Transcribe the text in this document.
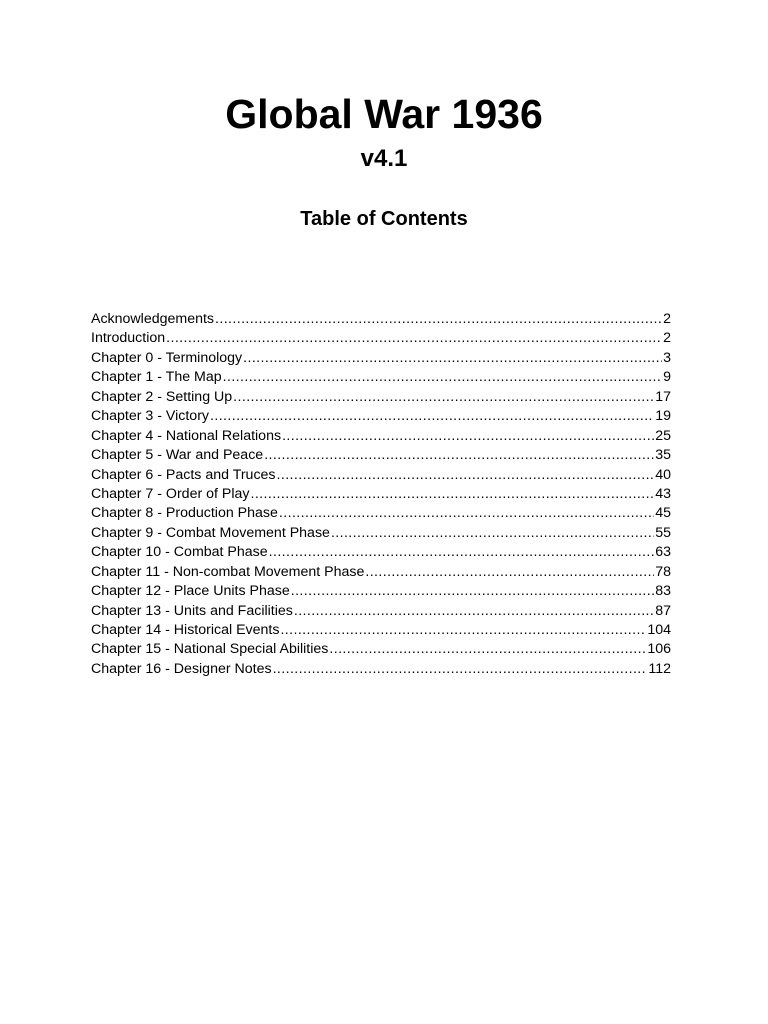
Global War 1936
v4.1
Table of Contents
Acknowledgements .....	2
Introduction .....	2
Chapter 0 - Terminology .....	3
Chapter 1 - The Map .....	9
Chapter 2 - Setting Up .....	17
Chapter 3 - Victory .....	19
Chapter 4 - National Relations .....	25
Chapter 5 - War and Peace .....	35
Chapter 6 - Pacts and Truces .....	40
Chapter 7 - Order of Play .....	43
Chapter 8 - Production Phase .....	45
Chapter 9 - Combat Movement Phase .....	55
Chapter 10 - Combat Phase .....	63
Chapter 11 - Non-combat Movement Phase .....	78
Chapter 12 - Place Units Phase .....	83
Chapter 13 - Units and Facilities .....	87
Chapter 14 - Historical Events .....	104
Chapter 15 - National Special Abilities .....	106
Chapter 16 - Designer Notes .....	112
